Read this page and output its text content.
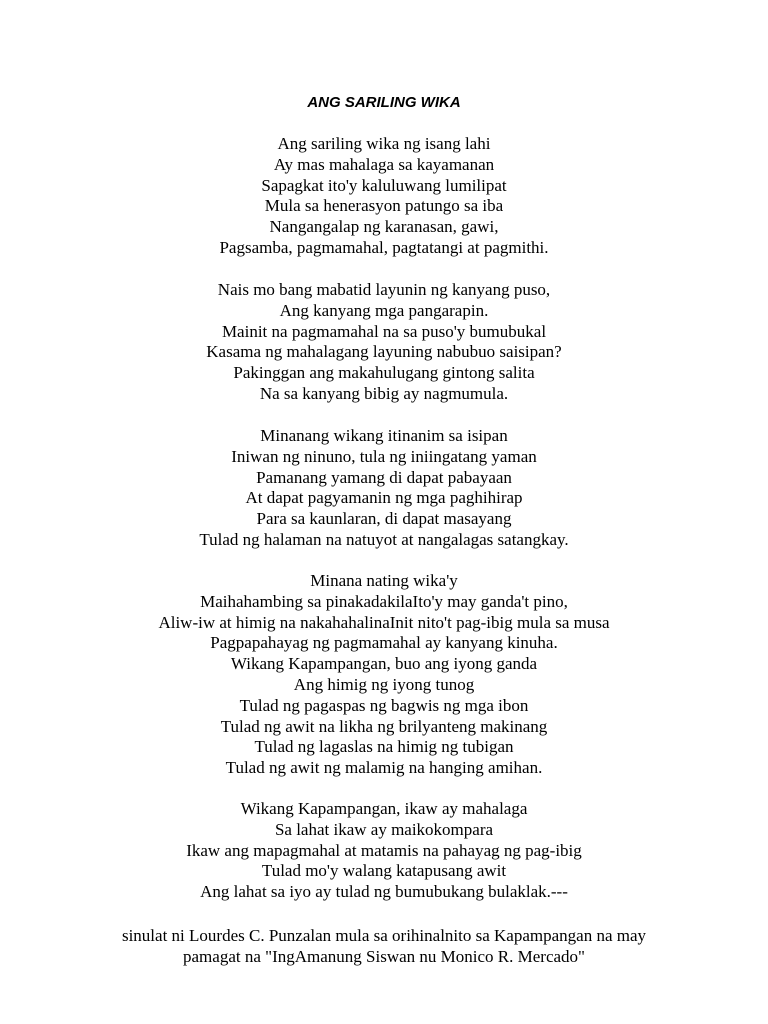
ANG SARILING WIKA
Ang sariling wika ng isang lahi
Ay mas mahalaga sa kayamanan
Sapagkat ito'y kaluluwang lumilipat
Mula sa henerasyon patungo sa iba
Nangangalap ng karanasan, gawi,
Pagsamba, pagmamahal, pagtatangi at pagmithi.
Nais mo bang mabatid layunin ng kanyang puso,
Ang kanyang mga pangarapin.
Mainit na pagmamahal na sa puso'y bumubukal
Kasama ng mahalagang layuning nabubuo saisipan?
Pakinggan ang makahulugang gintong salita
Na sa kanyang bibig ay nagmumula.
Minanang wikang itinanim sa isipan
Iniwan ng ninuno, tula ng iniingatang yaman
Pamanang yamang di dapat pabayaan
At dapat pagyamanin ng mga paghihirap
Para sa kaunlaran, di dapat masayang
Tulad ng halaman na natuyot at nangalagas satangkay.
Minana nating wika'y
Maihahambing sa pinakadakilaIto'y may ganda't pino,
Aliw-iw at himig na nakahahalinaInit nito't pag-ibig mula sa musa
Pagpapahayag ng pagmamahal ay kanyang kinuha.
Wikang Kapampangan, buo ang iyong ganda
Ang himig ng iyong tunog
Tulad ng pagaspas ng bagwis ng mga ibon
Tulad ng awit na likha ng brilyanteng makinang
Tulad ng lagaslas na himig ng tubigan
Tulad ng awit ng malamig na hanging amihan.
Wikang Kapampangan, ikaw ay mahalaga
Sa lahat ikaw ay maikokompara
Ikaw ang mapagmahal at matamis na pahayag ng pag-ibig
Tulad mo'y walang katapusang awit
Ang lahat sa iyo ay tulad ng bumubukang bulaklak.---
sinulat ni Lourdes C. Punzalan mula sa orihinalnito sa Kapampangan na may
pamagat na "IngAmanung Siswan nu Monico R. Mercado"
